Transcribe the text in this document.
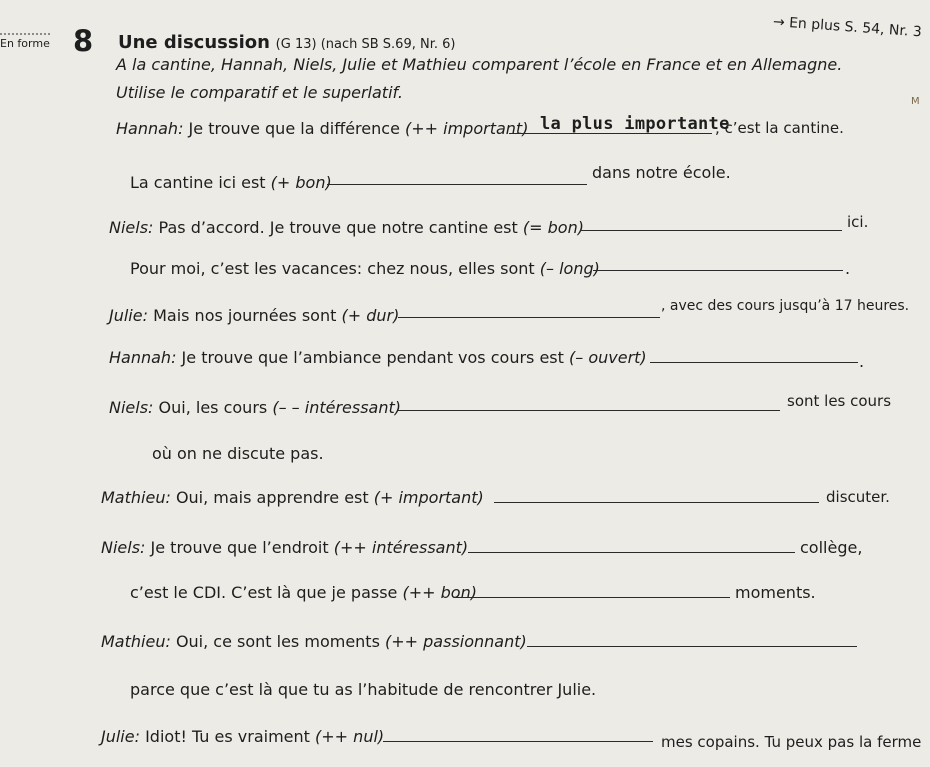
En forme 8 Une discussion (G 13) (nach SB S.69, Nr. 6)
→ En plus S. 54, Nr. 3
M
A la cantine, Hannah, Niels, Julie et Mathieu comparent l’école en France et en Allemagne.
Utilise le comparatif et le superlatif.
Hannah: Je trouve que la différence (++ important) la plus importante
, c’est la cantine.
La cantine ici est (+ bon)
dans notre école.
Niels: Pas d’accord. Je trouve que notre cantine est (= bon)	ici.
Pour moi, c’est les vacances: chez nous, elles sont (– long)	.
Julie: Mais nos journées sont (+ dur)	, avec des cours jusqu’à 17 heures.
Hannah: Je trouve que l’ambiance pendant vos cours est (– ouvert)	.
Niels: Oui, les cours (– – intéressant)	sont les cours
où on ne discute pas.
Mathieu: Oui, mais apprendre est (+ important)	discuter.
Niels: Je trouve que l’endroit (++ intéressant)	collège,
c’est le CDI. C’est là que je passe (++ bon)	moments.
Mathieu: Oui, ce sont les moments (++ passionnant)
parce que c’est là que tu as l’habitude de rencontrer Julie.
Julie: Idiot! Tu es vraiment (++ nul)	mes copains. Tu peux pas la ferme
